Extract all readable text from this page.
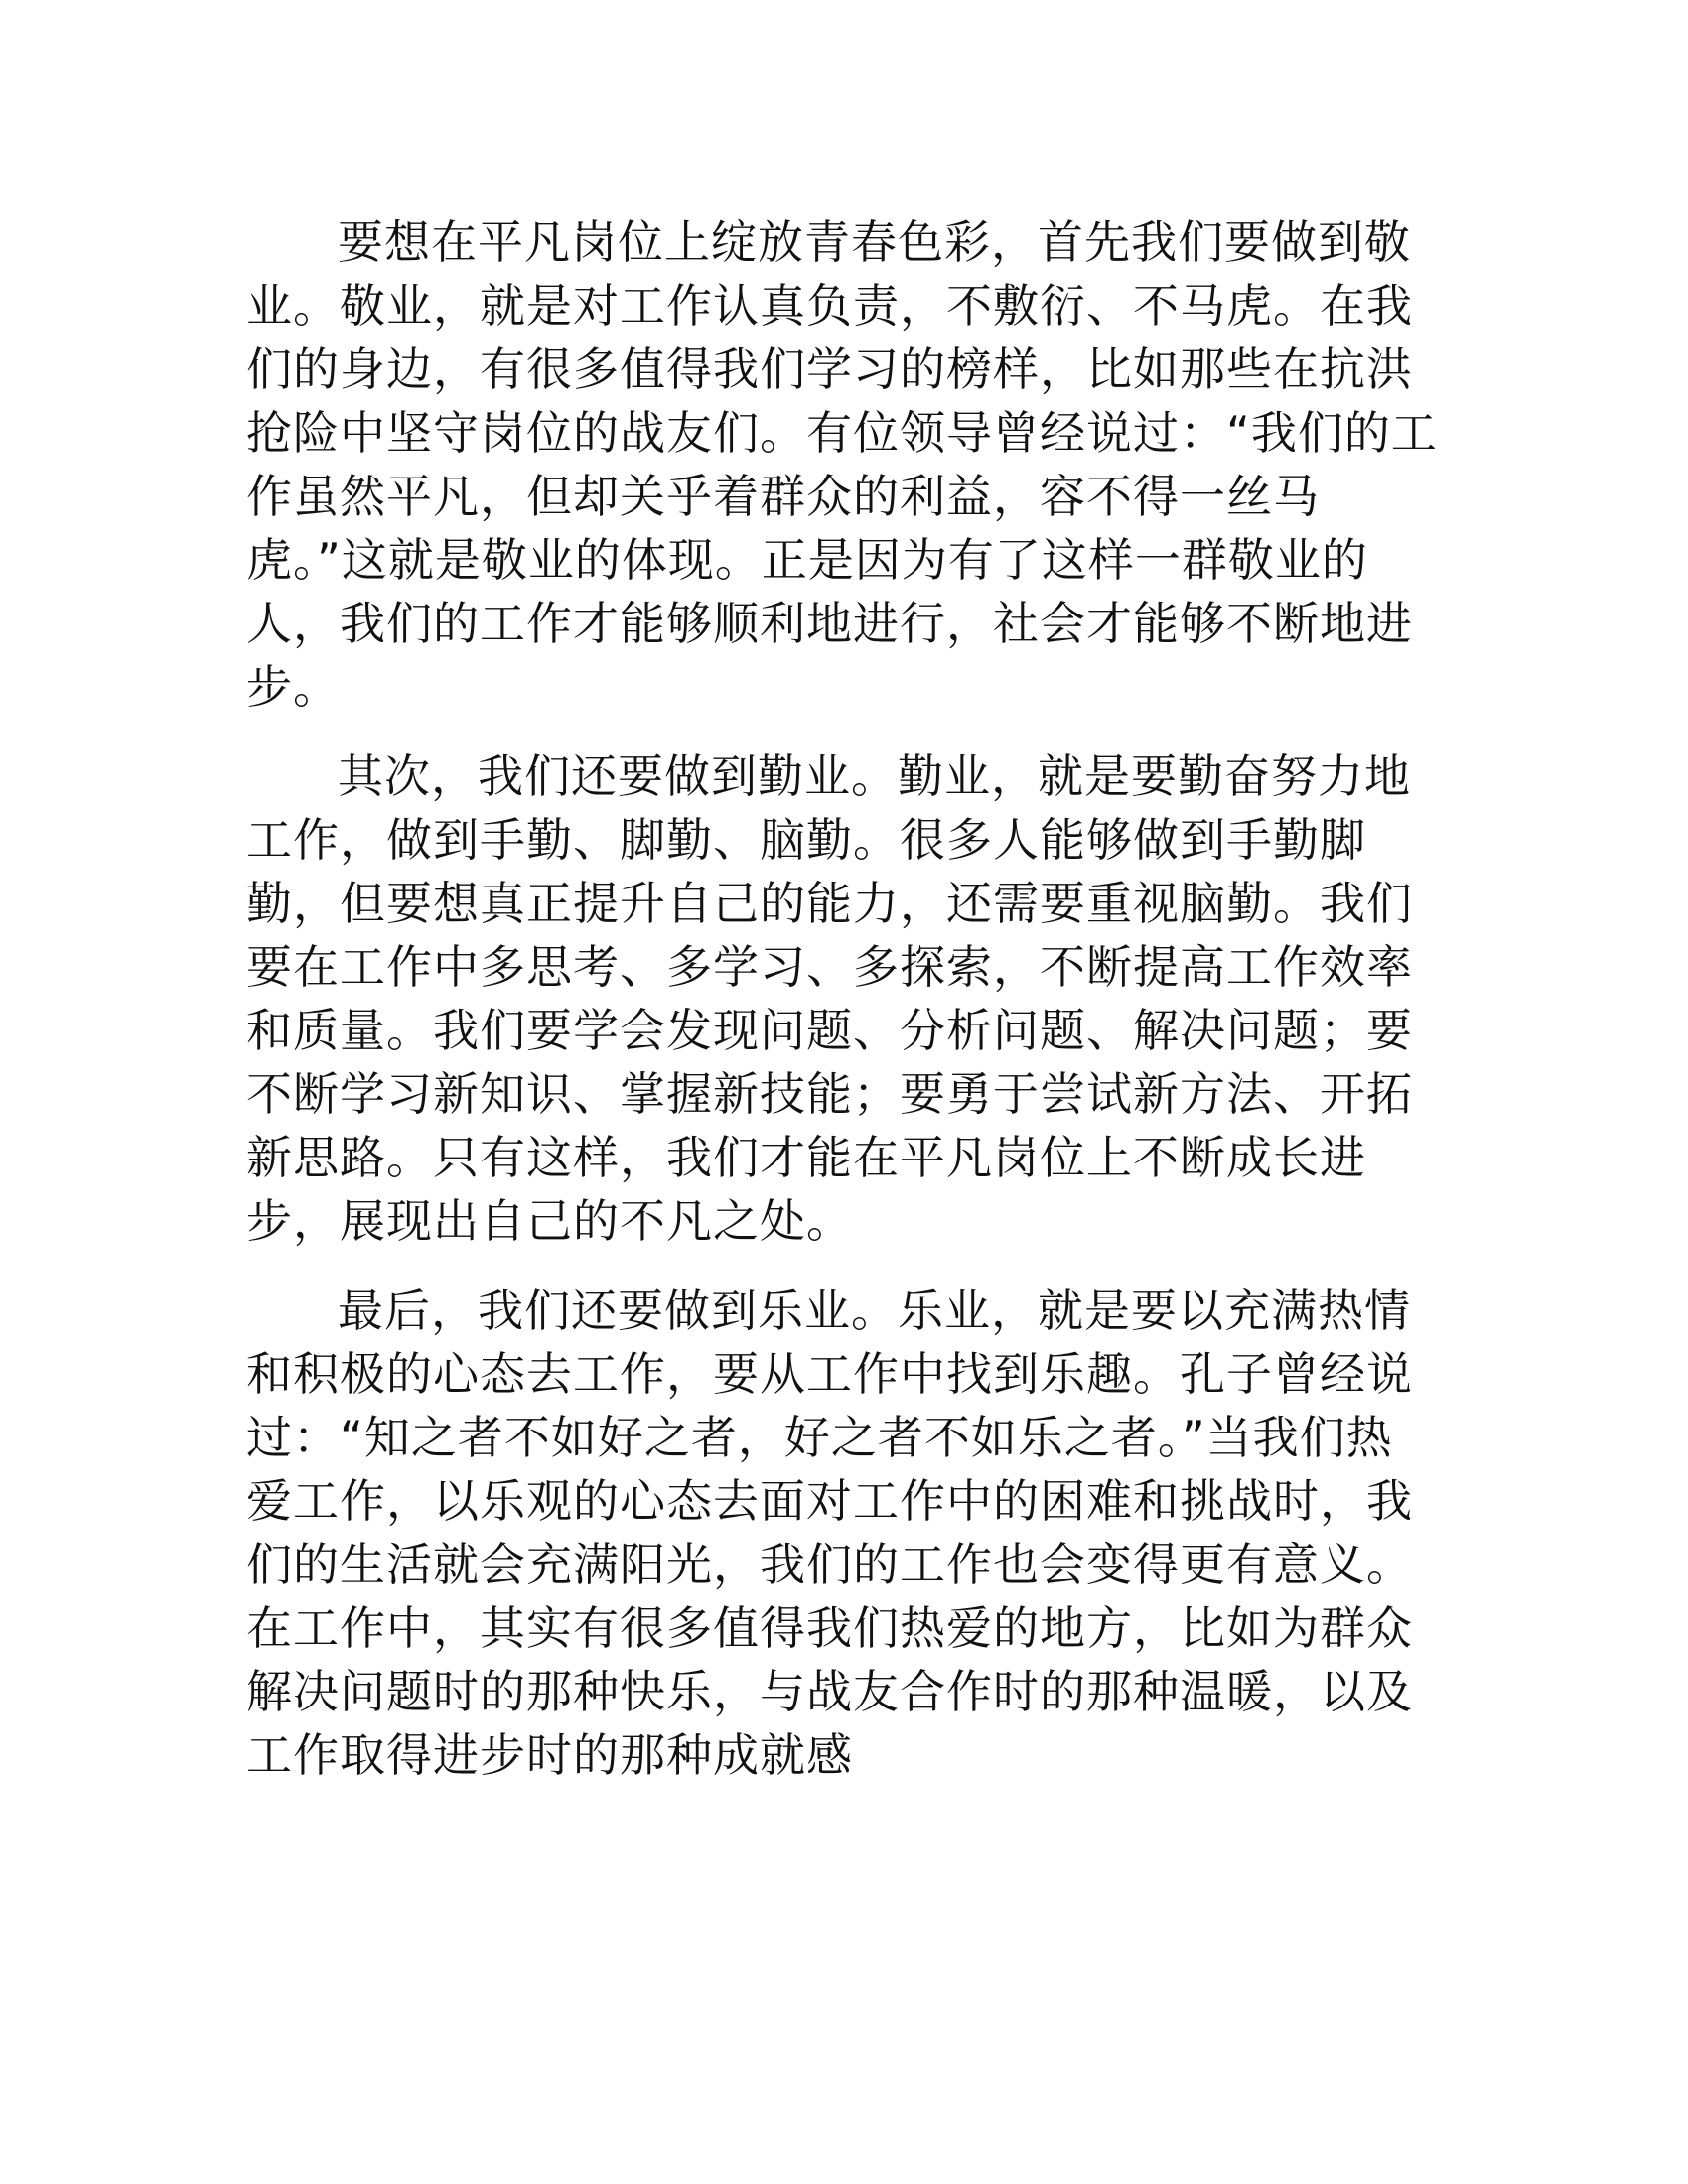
要想在平凡岗位上绽放青春色彩，首先我们要做到敬业。敬业，就是对工作认真负责，不敷衍、不马虎。在我们的身边，有很多值得我们学习的榜样，比如那些在抗洪抢险中坚守岗位的战友们。有位领导曾经说过：“我们的工作虽然平凡，但却关乎着群众的利益，容不得一丝马虎。”这就是敬业的体现。正是因为有了这样一群敬业的人，我们的工作才能够顺利地进行，社会才能够不断地进步。

其次，我们还要做到勤业。勤业，就是要勤奋努力地工作，做到手勤、脚勤、脑勤。很多人能够做到手勤脚勤，但要想真正提升自己的能力，还需要重视脑勤。我们要在工作中多思考、多学习、多探索，不断提高工作效率和质量。我们要学会发现问题、分析问题、解决问题；要不断学习新知识、掌握新技能；要勇于尝试新方法、开拓新思路。只有这样，我们才能在平凡岗位上不断成长进步，展现出自己的不凡之处。

最后，我们还要做到乐业。乐业，就是要以充满热情和积极的心态去工作，要从工作中找到乐趣。孔子曾经说过：“知之者不如好之者，好之者不如乐之者。”当我们热爱工作，以乐观的心态去面对工作中的困难和挑战时，我们的生活就会充满阳光，我们的工作也会变得更有意义。在工作中，其实有很多值得我们热爱的地方，比如为群众解决问题时的那种快乐，与战友合作时的那种温暖，以及工作取得进步时的那种成就感
